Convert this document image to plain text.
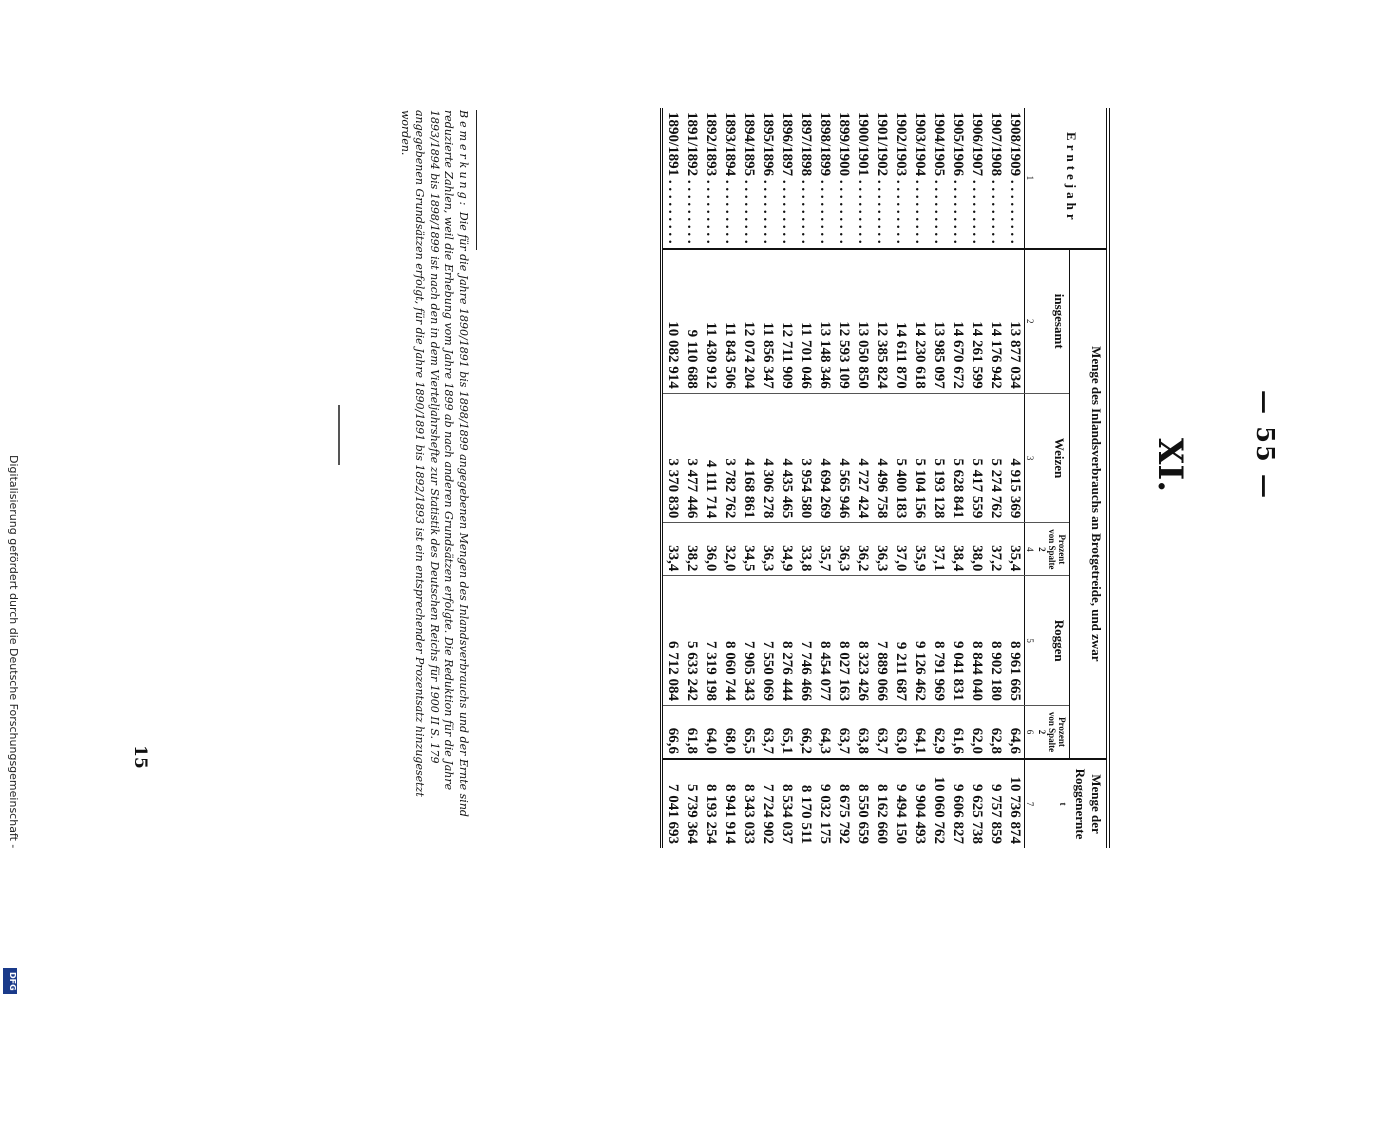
— 55 —
XI.
Erntejahr	Menge des Inlandsverbrauchs an Brotgetreide, und zwar					Menge der Roggenernte
	insgesamt	Weizen	Prozent von Spalte 2	Roggen	Prozent von Spalte 2	t
1	2	3	4	5	6	7
1908/1909 . . . . . . . . .	13 877 034	4 915 369	35,4	8 961 665	64,6	10 736 874
1907/1908 . . . . . . . . .	14 176 942	5 274 762	37,2	8 902 180	62,8	9 757 859
1906/1907 . . . . . . . . .	14 261 599	5 417 559	38,0	8 844 040	62,0	9 625 738
1905/1906 . . . . . . . . .	14 670 672	5 628 841	38,4	9 041 831	61,6	9 606 827
1904/1905 . . . . . . . . .	13 985 097	5 193 128	37,1	8 791 969	62,9	10 060 762
1903/1904 . . . . . . . . .	14 230 618	5 104 156	35,9	9 126 462	64,1	9 904 493
1902/1903 . . . . . . . . .	14 611 870	5 400 183	37,0	9 211 687	63,0	9 494 150
1901/1902 . . . . . . . . .	12 385 824	4 496 758	36,3	7 889 066	63,7	8 162 660
1900/1901 . . . . . . . . .	13 050 850	4 727 424	36,2	8 323 426	63,8	8 550 659
1899/1900 . . . . . . . . .	12 593 109	4 565 946	36,3	8 027 163	63,7	8 675 792
1898/1899 . . . . . . . . .	13 148 346	4 694 269	35,7	8 454 077	64,3	9 032 175
1897/1898 . . . . . . . . .	11 701 046	3 954 580	33,8	7 746 466	66,2	8 170 511
1896/1897 . . . . . . . . .	12 711 909	4 435 465	34,9	8 276 444	65,1	8 534 037
1895/1896 . . . . . . . . .	11 856 347	4 306 278	36,3	7 550 069	63,7	7 724 902
1894/1895 . . . . . . . . .	12 074 204	4 168 861	34,5	7 905 343	65,5	8 343 033
1893/1894 . . . . . . . . .	11 843 506	3 782 762	32,0	8 060 744	68,0	8 941 914
1892/1893 . . . . . . . . .	11 430 912	4 111 714	36,0	7 319 198	64,0	8 193 254
1891/1892 . . . . . . . . .	9 110 688	3 477 446	38,2	5 633 242	61,8	5 739 364
1890/1891 . . . . . . . . .	10 082 914	3 370 830	33,4	6 712 084	66,6	7 041 693
Bemerkung: Die für die Jahre 1890/1891 bis 1898/1899 angegebenen Mengen des Inlandsverbrauchs und der Ernte sind reduzierte Zahlen, weil die Erhebung vom Jahre 1899 ab nach anderen Grundsätzen erfolgte. Die Reduktion für die Jahre 1893/1894 bis 1898/1899 ist nach den in dem Vierteljahrshefte zur Statistik des Deutschen Reichs für 1900 II S. 179 angegebenen Grundsätzen erfolgt, für die Jahre 1890/1891 bis 1892/1893 ist ein entsprechender Prozentsatz hinzugesetzt worden.
15
Digitalisierung gefördert durch die Deutsche Forschungsgemeinschaft -
DFG
